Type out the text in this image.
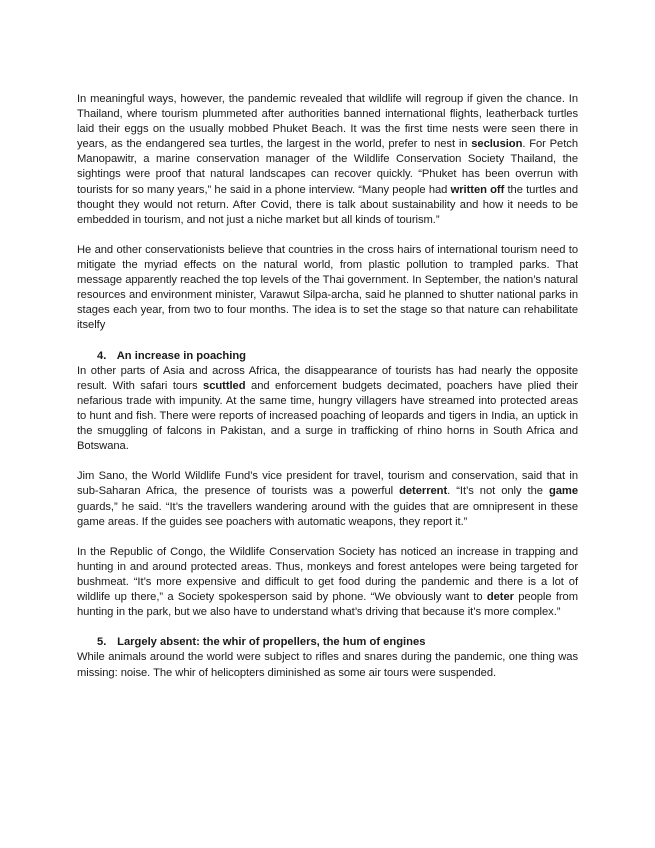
In meaningful ways, however, the pandemic revealed that wildlife will regroup if given the chance. In Thailand, where tourism plummeted after authorities banned international flights, leatherback turtles laid their eggs on the usually mobbed Phuket Beach. It was the first time nests were seen there in years, as the endangered sea turtles, the largest in the world, prefer to nest in seclusion. For Petch Manopawitr, a marine conservation manager of the Wildlife Conservation Society Thailand, the sightings were proof that natural landscapes can recover quickly. “Phuket has been overrun with tourists for so many years,” he said in a phone interview. “Many people had written off the turtles and thought they would not return. After Covid, there is talk about sustainability and how it needs to be embedded in tourism, and not just a niche market but all kinds of tourism.”

He and other conservationists believe that countries in the cross hairs of international tourism need to mitigate the myriad effects on the natural world, from plastic pollution to trampled parks. That message apparently reached the top levels of the Thai government. In September, the nation’s natural resources and environment minister, Varawut Silpa-archa, said he planned to shutter national parks in stages each year, from two to four months. The idea is to set the stage so that nature can rehabilitate itselfy

4. An increase in poaching

In other parts of Asia and across Africa, the disappearance of tourists has had nearly the opposite result. With safari tours scuttled and enforcement budgets decimated, poachers have plied their nefarious trade with impunity. At the same time, hungry villagers have streamed into protected areas to hunt and fish. There were reports of increased poaching of leopards and tigers in India, an uptick in the smuggling of falcons in Pakistan, and a surge in trafficking of rhino horns in South Africa and Botswana.

Jim Sano, the World Wildlife Fund’s vice president for travel, tourism and conservation, said that in sub-Saharan Africa, the presence of tourists was a powerful deterrent. “It’s not only the game guards,” he said. “It’s the travellers wandering around with the guides that are omnipresent in these game areas. If the guides see poachers with automatic weapons, they report it.”

In the Republic of Congo, the Wildlife Conservation Society has noticed an increase in trapping and hunting in and around protected areas. Thus, monkeys and forest antelopes were being targeted for bushmeat. “It’s more expensive and difficult to get food during the pandemic and there is a lot of wildlife up there,” a Society spokesperson said by phone. “We obviously want to deter people from hunting in the park, but we also have to understand what’s driving that because it’s more complex.”

5. Largely absent: the whir of propellers, the hum of engines

While animals around the world were subject to rifles and snares during the pandemic, one thing was missing: noise. The whir of helicopters diminished as some air tours were suspended.
